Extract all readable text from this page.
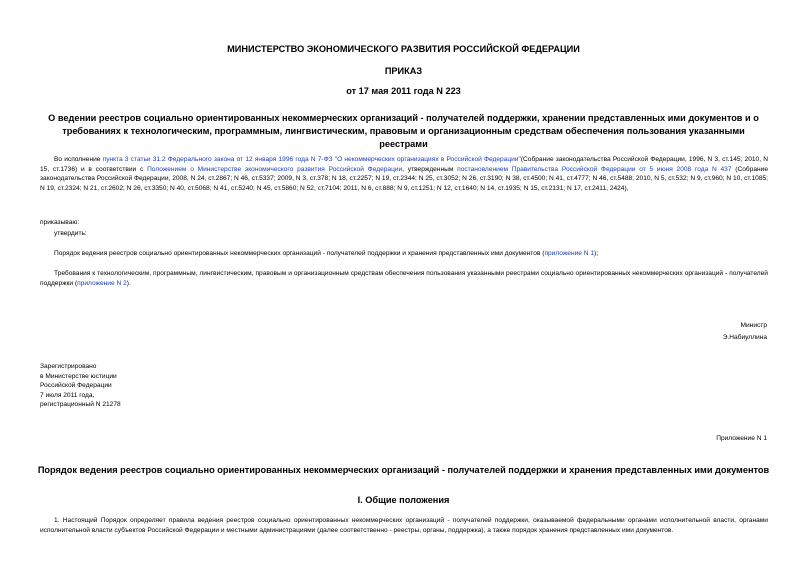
МИНИСТЕРСТВО ЭКОНОМИЧЕСКОГО РАЗВИТИЯ РОССИЙСКОЙ ФЕДЕРАЦИИ
ПРИКАЗ
от 17 мая 2011 года N 223
О ведении реестров социально ориентированных некоммерческих организаций - получателей поддержки, хранении представленных ими документов и о требованиях к технологическим, программным, лингвистическим, правовым и организационным средствам обеспечения пользования указанными реестрами
Во исполнение пункта 3 статьи 31.2 Федерального закона от 12 января 1996 года N 7-ФЗ "О некоммерческих организациях в Российской Федерации"(Собрание законодательства Российской Федерации, 1996, N 3, ст.145; 2010, N 15, ст.1736) и в соответствии с Положением о Министерстве экономического развития Российской Федерации, утвержденным постановлением Правительства Российской Федерации от 5 июня 2008 года N 437 (Собрание законодательства Российской Федерации, 2008, N 24, ст.2867; N 46, ст.5337; 2009, N 3, ст.378; N 18, ст.2257; N 19, ст.2344; N 25, ст.3052; N 26, ст.3190; N 38, ст.4500; N 41, ст.4777; N 46, ст.5488; 2010, N 5, ст.532; N 9, ст.960; N 10, ст.1085; N 19, ст.2324; N 21, ст.2602; N 26, ст.3350; N 40, ст.5068; N 41, ст.5240; N 45, ст.5860; N 52, ст.7104; 2011, N 6, ст.888; N 9, ст.1251; N 12, ст.1640; N 14, ст.1935; N 15, ст.2131; N 17, ст.2411, 2424),
приказываю:
утвердить:
Порядок ведения реестров социально ориентированных некоммерческих организаций - получателей поддержки и хранения представленных ими документов (приложение N 1);
Требования к технологическим, программным, лингвистическим, правовым и организационным средствам обеспечения пользования указанными реестрами социально ориентированных некоммерческих организаций - получателей поддержки (приложение N 2).
Министр
Э.Набиуллина
Зарегистрировано
в Министерстве юстиции
Российской Федерации
7 июля 2011 года,
регистрационный N 21278
Приложение N 1
Порядок ведения реестров социально ориентированных некоммерческих организаций - получателей поддержки и хранения представленных ими документов
I. Общие положения
1. Настоящий Порядок определяет правила ведения реестров социально ориентированных некоммерческих организаций - получателей поддержки, оказываемой федеральными органами исполнительной власти, органами исполнительной власти субъектов Российской Федерации и местными администрациями (далее соответственно - реестры, органы, поддержка), а также порядок хранения представленных ими документов.
